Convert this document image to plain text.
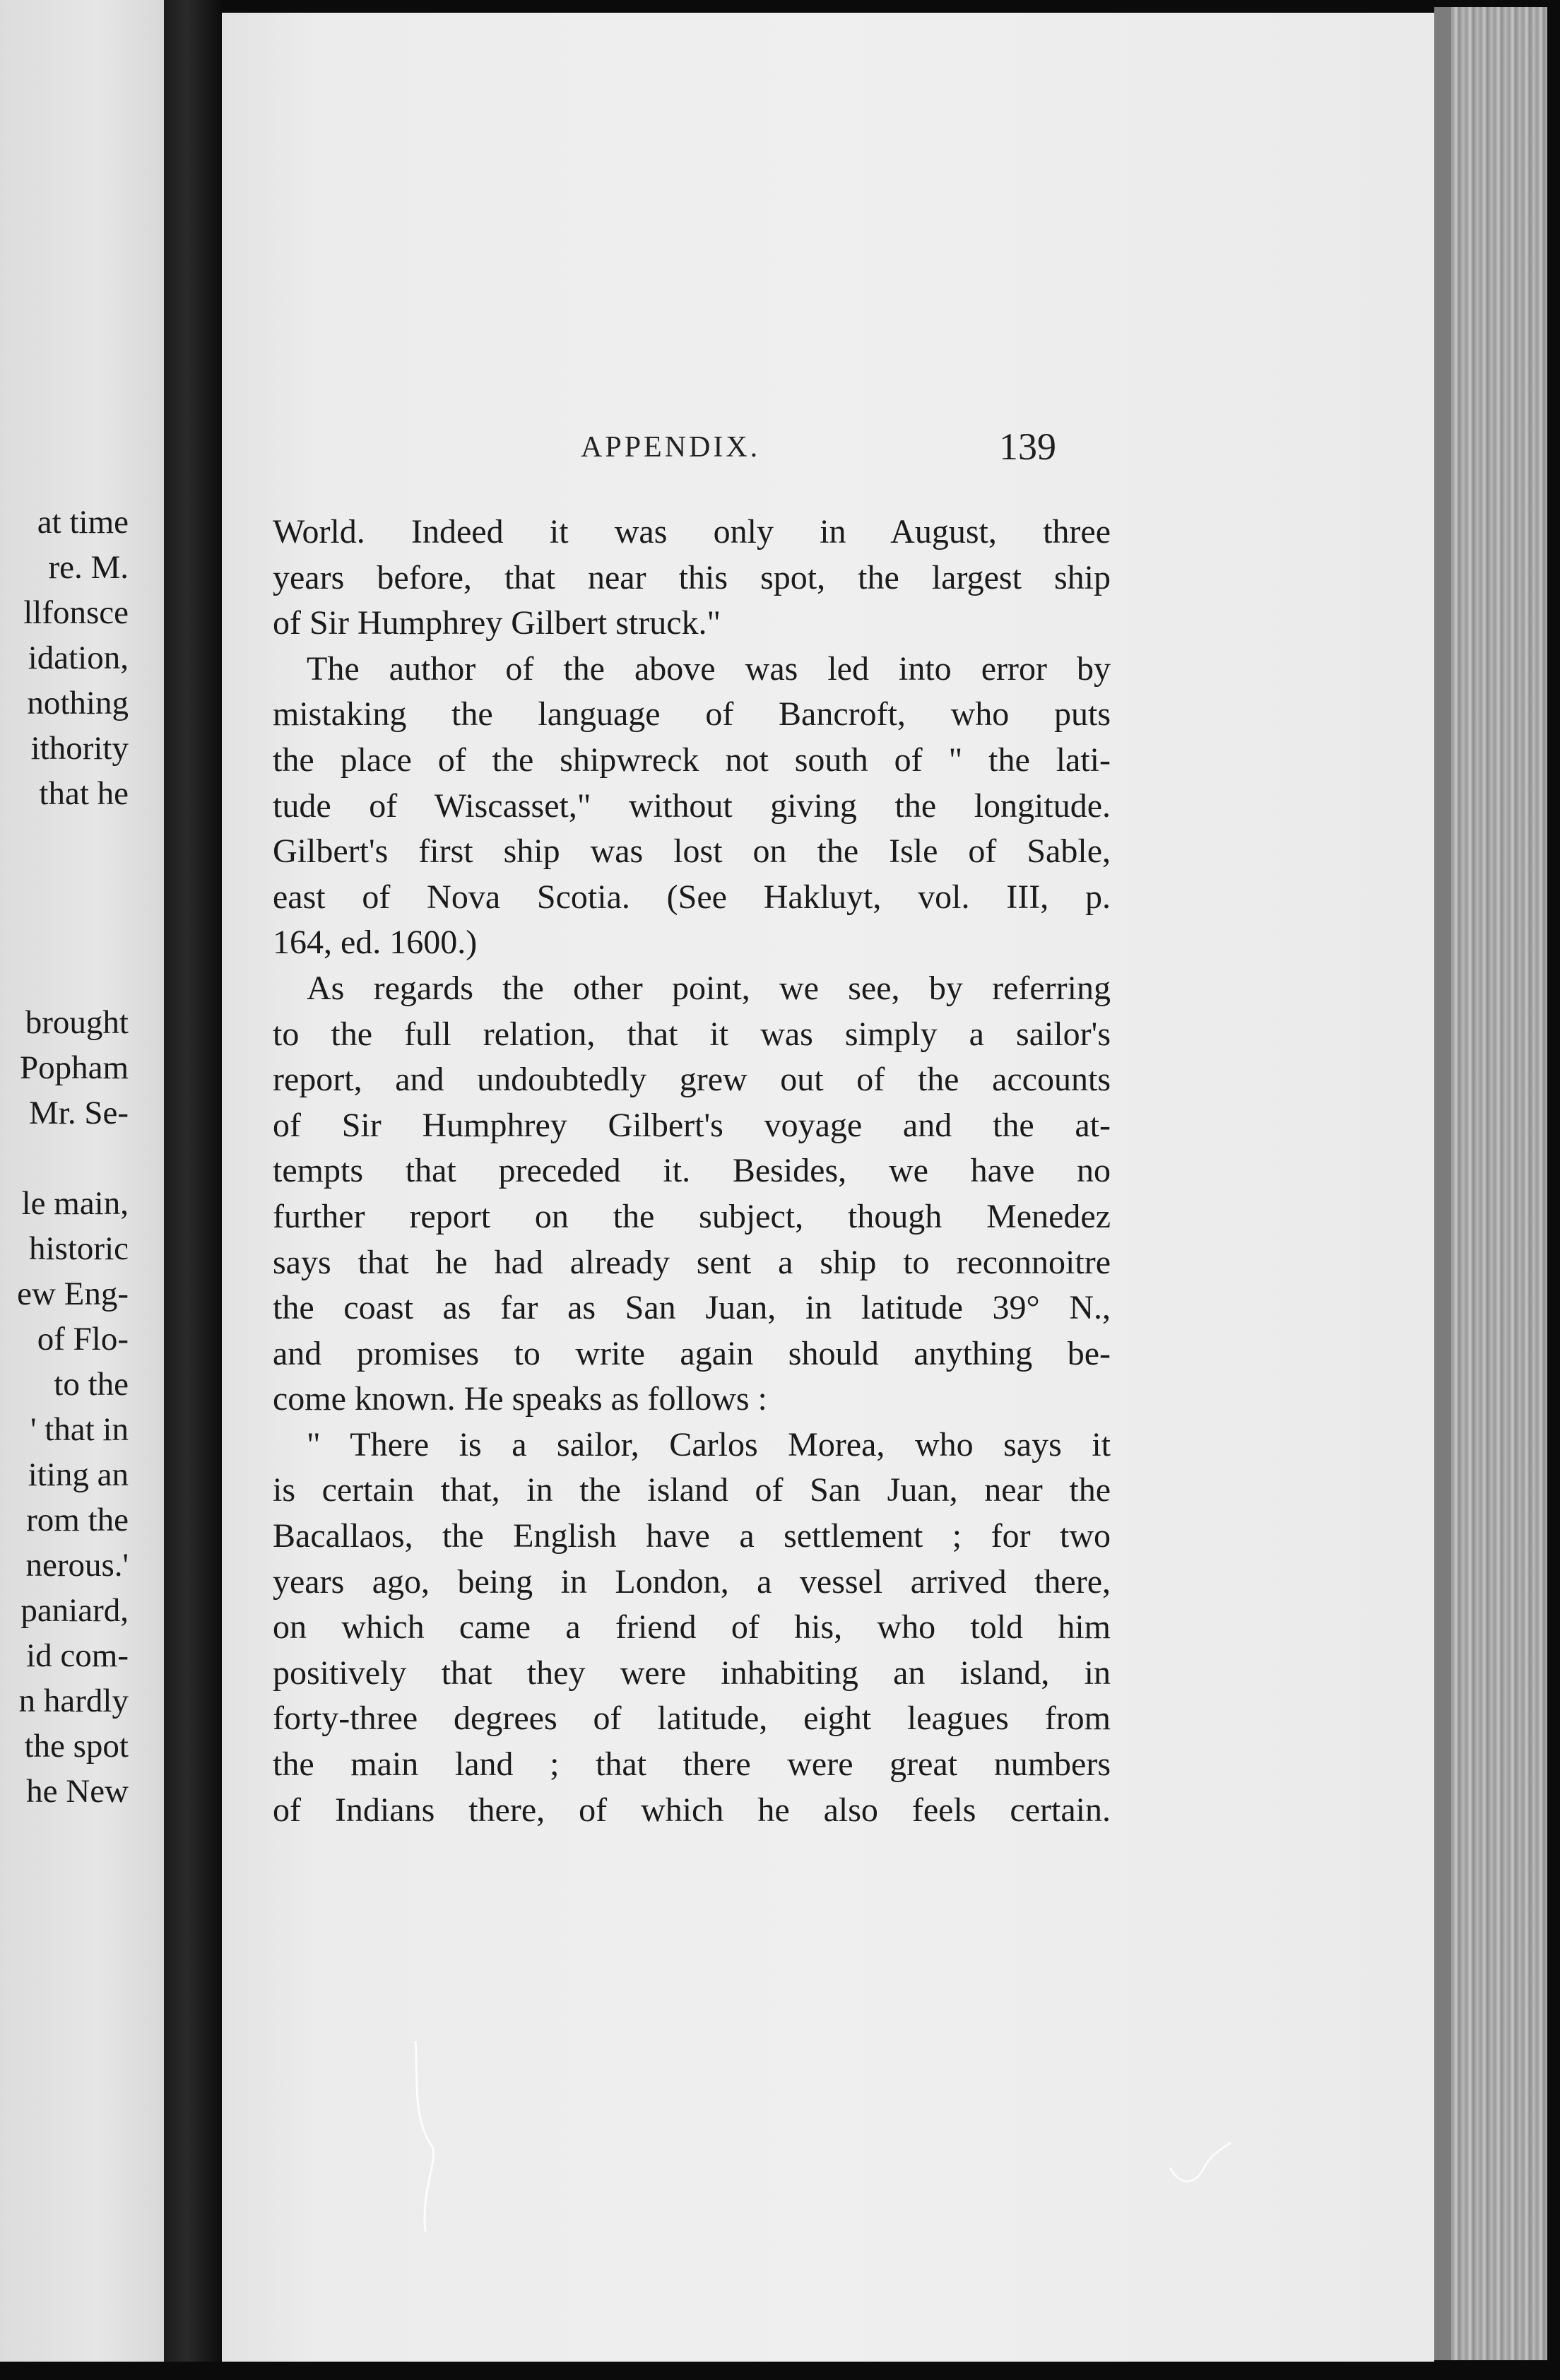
at time
re. M.
llfonsce
idation,
nothing
ithority
that he
brought
Popham
Mr. Se-
le main,
historic
ew Eng-
of Flo-
to the
' that in
iting an
rom the
nerous.'
paniard,
id com-
n hardly
the spot
he New
APPENDIX.	139
World. Indeed it was only in August, three
years before, that near this spot, the largest ship
of Sir Humphrey Gilbert struck."
The author of the above was led into error by
mistaking the language of Bancroft, who puts
the place of the shipwreck not south of " the lati-
tude of Wiscasset," without giving the longitude.
Gilbert's first ship was lost on the Isle of Sable,
east of Nova Scotia. (See Hakluyt, vol. III, p.
164, ed. 1600.)
As regards the other point, we see, by referring
to the full relation, that it was simply a sailor's
report, and undoubtedly grew out of the accounts
of Sir Humphrey Gilbert's voyage and the at-
tempts that preceded it. Besides, we have no
further report on the subject, though Menedez
says that he had already sent a ship to reconnoitre
the coast as far as San Juan, in latitude 39° N.,
and promises to write again should anything be-
come known. He speaks as follows :
" There is a sailor, Carlos Morea, who says it
is certain that, in the island of San Juan, near the
Bacallaos, the English have a settlement ; for two
years ago, being in London, a vessel arrived there,
on which came a friend of his, who told him
positively that they were inhabiting an island, in
forty-three degrees of latitude, eight leagues from
the main land ; that there were great numbers
of Indians there, of which he also feels certain.
